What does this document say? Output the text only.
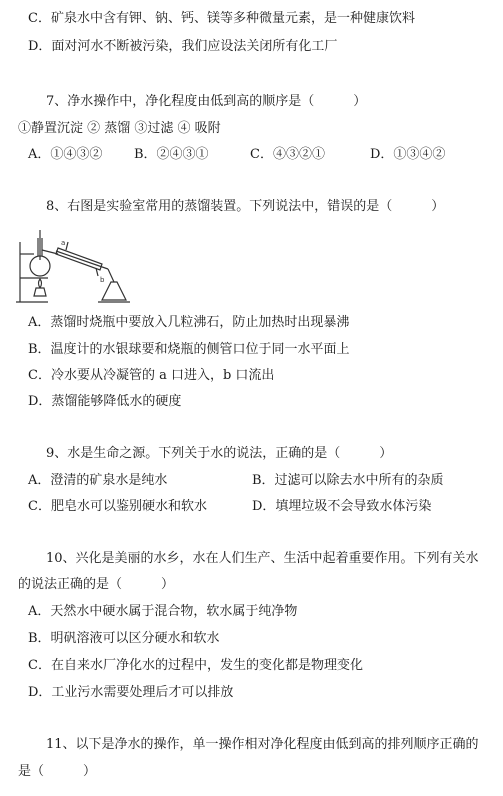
C．矿泉水中含有钾、钠、钙、镁等多种微量元素，是一种健康饮料
D．面对河水不断被污染，我们应设法关闭所有化工厂
7、净水操作中，净化程度由低到高的顺序是（　　　）
①静置沉淀 ② 蒸馏 ③过滤 ④ 吸附
A．①④③② B．②④③①	C．④③②①	D．①③④②
8、右图是实验室常用的蒸馏装置。下列说法中，错误的是（　　　）
a
b
A．蒸馏时烧瓶中要放入几粒沸石，防止加热时出现暴沸
B．温度计的水银球要和烧瓶的侧管口位于同一水平面上
C．冷水要从冷凝管的 a 口进入，b 口流出
D．蒸馏能够降低水的硬度
9、水是生命之源。下列关于水的说法，正确的是（　　　）
A．澄清的矿泉水是纯水	B．过滤可以除去水中所有的杂质
C．肥皂水可以鉴别硬水和软水	D．填埋垃圾不会导致水体污染
10、兴化是美丽的水乡，水在人们生产、生活中起着重要作用。下列有关水
的说法正确的是（　　　）
A．天然水中硬水属于混合物，软水属于纯净物
B．明矾溶液可以区分硬水和软水
C．在自来水厂净化水的过程中，发生的变化都是物理变化
D．工业污水需要处理后才可以排放
11、以下是净水的操作，单一操作相对净化程度由低到高的排列顺序正确的
是（　　　）
